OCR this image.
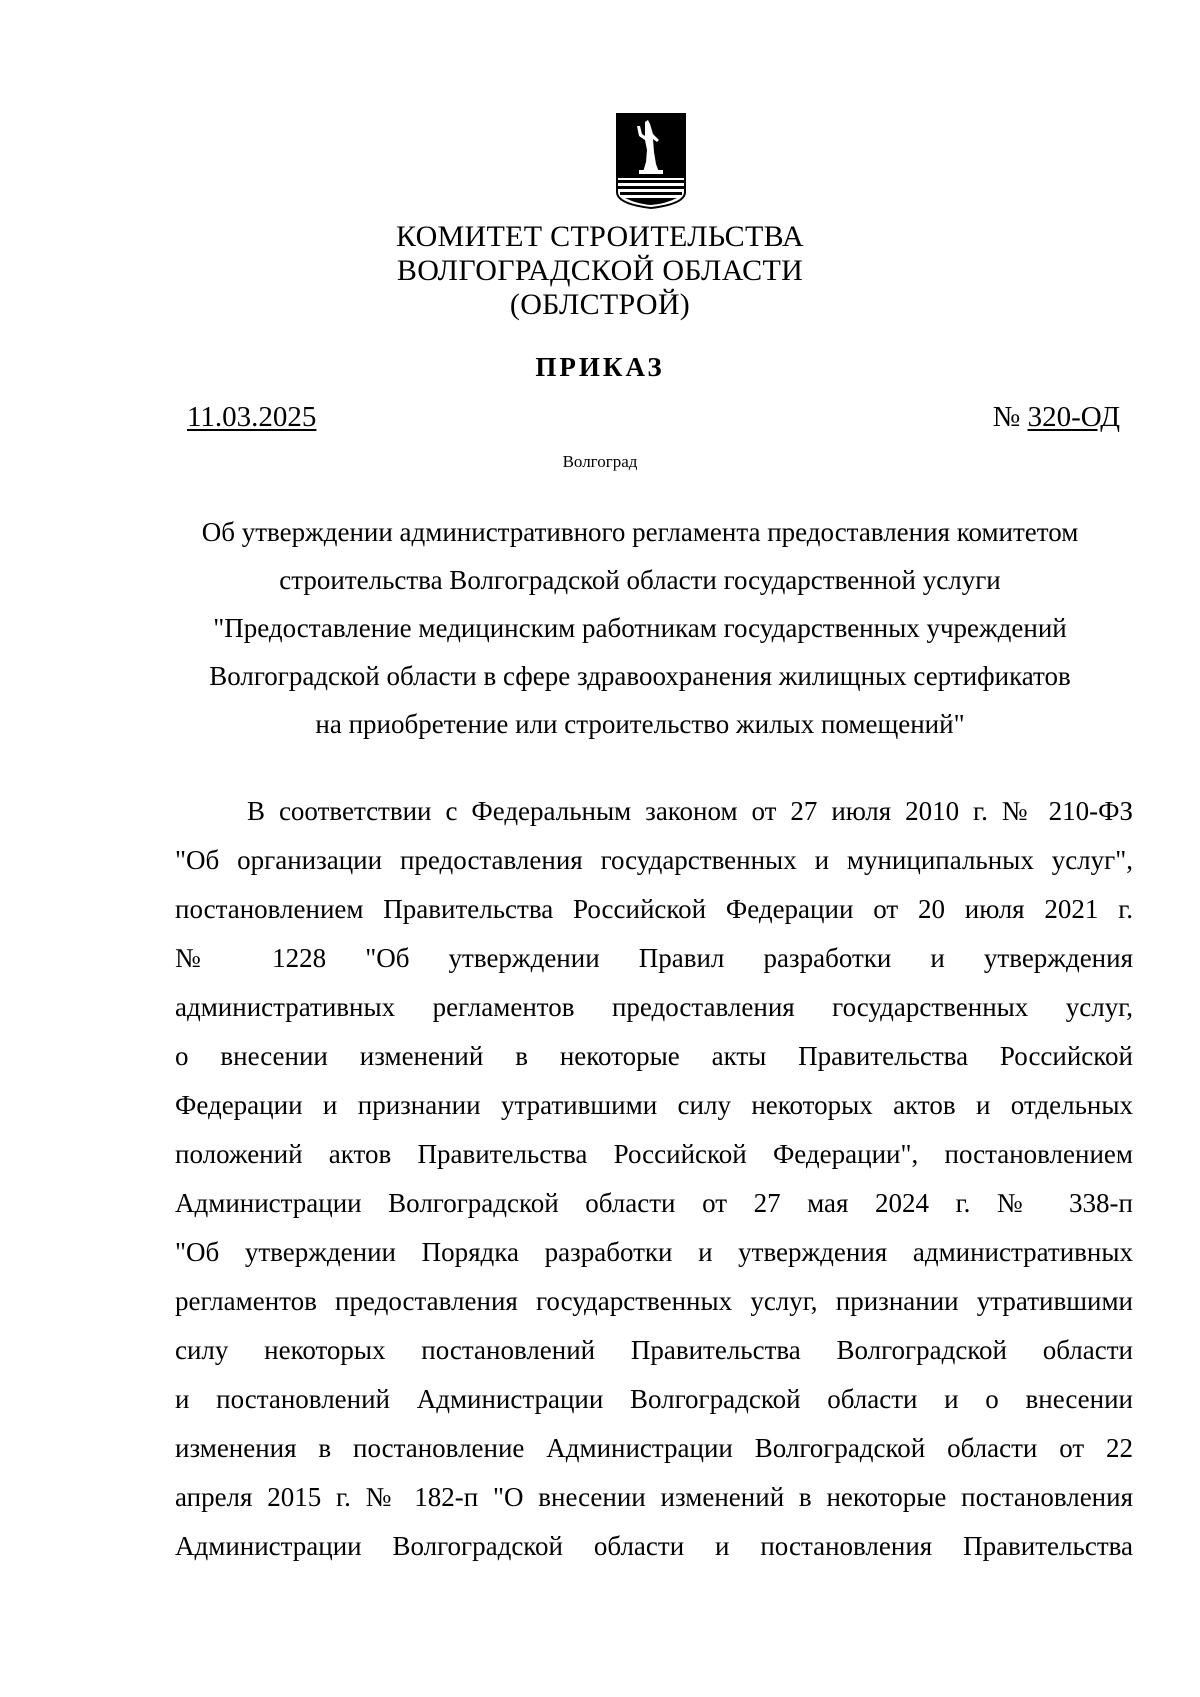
КОМИТЕТ СТРОИТЕЛЬСТВА
ВОЛГОГРАДСКОЙ ОБЛАСТИ
(ОБЛСТРОЙ)
ПРИКАЗ
11.03.2025	№ 320-ОД
Волгоград
Об утверждении административного регламента предоставления комитетом
строительства Волгоградской области государственной услуги
"Предоставление медицинским работникам государственных учреждений
Волгоградской области в сфере здравоохранения жилищных сертификатов
на приобретение или строительство жилых помещений"
В соответствии с Федеральным законом от 27 июля 2010 г. № 210-ФЗ
"Об организации предоставления государственных и муниципальных услуг",
постановлением Правительства Российской Федерации от 20 июля 2021 г.
№ 1228 "Об утверждении Правил разработки и утверждения
административных регламентов предоставления государственных услуг,
о внесении изменений в некоторые акты Правительства Российской
Федерации и признании утратившими силу некоторых актов и отдельных
положений актов Правительства Российской Федерации", постановлением
Администрации Волгоградской области от 27 мая 2024 г. № 338-п
"Об утверждении Порядка разработки и утверждения административных
регламентов предоставления государственных услуг, признании утратившими
силу некоторых постановлений Правительства Волгоградской области
и постановлений Администрации Волгоградской области и о внесении
изменения в постановление Администрации Волгоградской области от 22
апреля 2015 г. № 182-п "О внесении изменений в некоторые постановления
Администрации Волгоградской области и постановления Правительства
